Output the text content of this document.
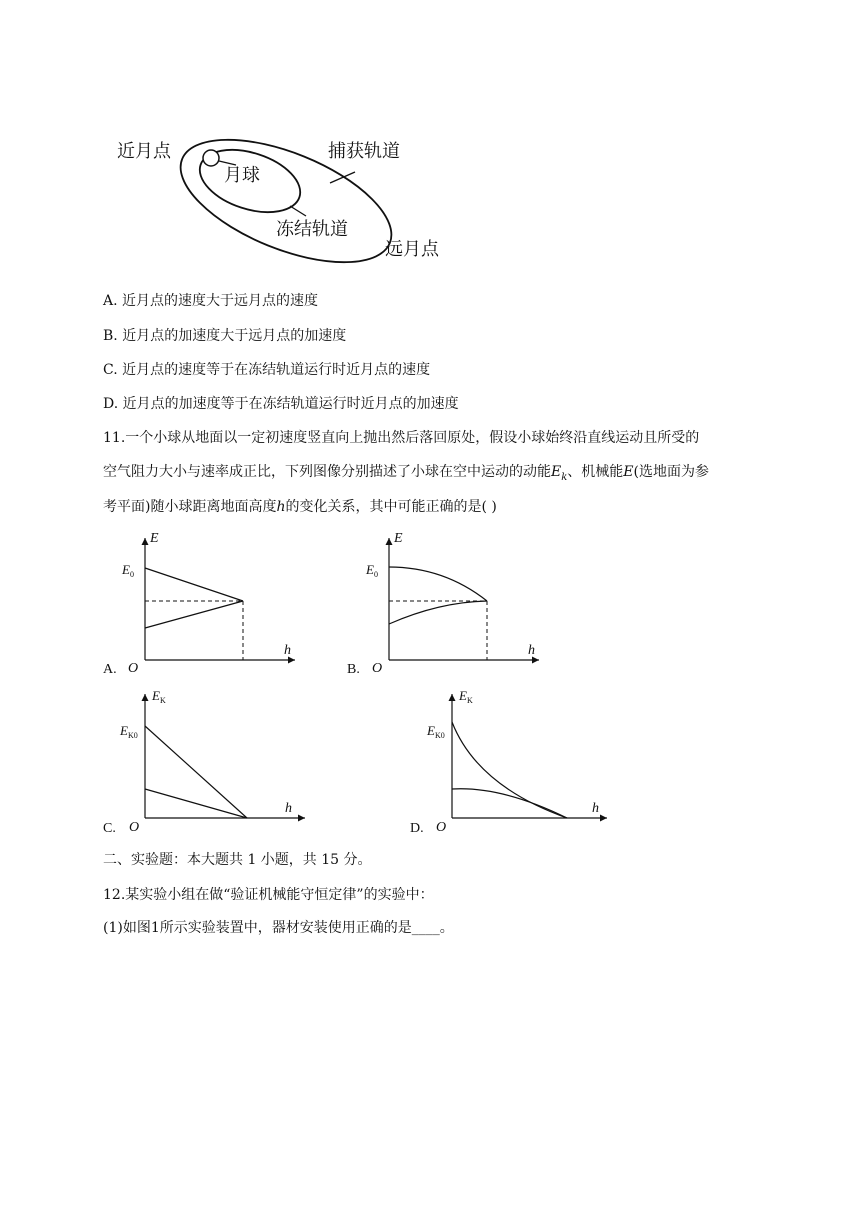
近月点	捕获轨道
月球
冻结轨道
远月点
A. 近月点的速度大于远月点的速度
B. 近月点的加速度大于远月点的加速度
C. 近月点的速度等于在冻结轨道运行时近月点的速度
D. 近月点的加速度等于在冻结轨道运行时近月点的加速度
11.一个小球从地面以一定初速度竖直向上抛出然后落回原处，假设小球始终沿直线运动且所受的
空气阻力大小与速率成正比，下列图像分别描述了小球在空中运动的动能$E_k$、机械能E(选地面为参
考平面)随小球距离地面高度h的变化关系，其中可能正确的是( )
A. O
h
E
$E_0$
B. O
h
E
$E_0$
C. O
h
$E_K$
$E_{K0}$
D. O
h
$E_K$
$E_{K0}$
二、实验题：本大题共 1 小题，共 15 分。
12.某实验小组在做“验证机械能守恒定律”的实验中：
(1)如图1所示实验装置中，器材安装使用正确的是____。
